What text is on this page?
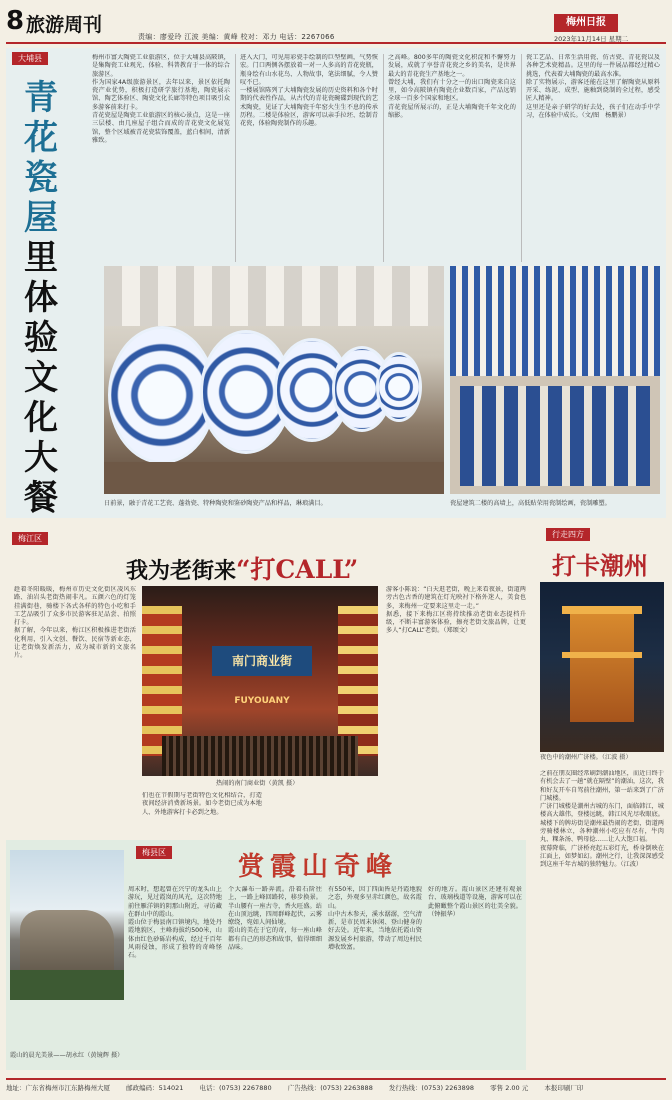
8 旅游周刊
责编：廖爱玲 江波 美编：黄峰 校对：邓力 电话：2267066
梅州日报
2023年11月14日 星期二
大埔县
青花瓷屋里体验文化大餐
梅州市富大陶瓷工业旅游区，位于大埔县高陂镇，是集陶瓷工业观光、体验、科普教育于一体的综合旅游区。
作为国家4A级旅游景区，去年以来，景区依托陶瓷产业优势，积极打造研学旅行基地，陶瓷展示馆、陶艺体验区、陶瓷文化长廊等特色项目吸引众多游客前来打卡。
青花瓷屋是陶瓷工业旅游区的核心景点，这是一座三层楼、由几座屋子组合而成的青花瓷文化展览馆，整个区域被青花瓷装饰覆盖，蓝白相间，清新雅致。
进入大门，可见用彩瓷手绘制的巨型壁画，气势恢宏。门口两侧各摆放着一对一人多高的青花瓷瓶，瓶身绘有山水花鸟、人物故事，笔法细腻，令人赞叹不已。
一楼展馆陈列了大埔陶瓷发展的历史资料和各个时期的代表性作品，从古代的青花瓷碗碟到现代的艺术陶瓷，见证了大埔陶瓷千年窑火生生不息的传承历程。二楼是体验区，游客可以亲手拉坯、绘制青花瓷，体验陶瓷制作的乐趣。
之高峰。800多年的陶瓷文化积淀和不懈努力发展，成就了享誉青花瓷之乡的美名，是世界最大的青花瓷生产基地之一。
曾经大埔，我们有十分之一的出口陶瓷来自这里，如今高陂镇有陶瓷企业数百家，产品远销全球一百多个国家和地区。
青花瓷屋所展示的，正是大埔陶瓷千年文化的缩影。
瓷工艺品、日常生活用瓷、仿古瓷、青花瓷以及各种艺术瓷精品。这里的每一件展品都经过精心挑选，代表着大埔陶瓷的最高水准。
除了实物展示，游客还能在这里了解陶瓷从原料开采、练泥、成型、施釉到烧制的全过程，感受匠人精神。
这里还是亲子研学的好去处，孩子们在动手中学习，在体验中成长。（文/图   杨鹏景）
日前景，融于青花工艺瓷、蓬勃瓷、特种陶瓷和鉴砂陶瓷产品和样品，琳琅满目。	瓷屋建筑二楼的高墙上，高低贴荣用瓷制绘画，瓷制雕塑。
梅江区
我为老街来“打CALL”
趁着冬阳暖暖，梅州市历史文化街区凌风东路、油岩头老街热闹非凡。五颜六色的灯笼挂满街巷，骑楼下各式各样的特色小吃和手工艺品吸引了众多市民游客驻足品尝、拍照打卡。
据了解，今年以来，梅江区积极推进老街活化利用，引入文创、餐饮、民宿等新业态，让老街焕发新活力，成为城市新的文旅名片。	南门商业街
FUYOUANY
热闹的南门商业街（黄凯 摄）
们也在节假期与老街特色文化相结合，打造夜间经济消费新场景。如今老街已成为本地人、外地游客打卡必到之地。
游客小陈说：“白天逛老街，晚上来看夜景，街道两旁古色古香的建筑在灯光映衬下格外迷人，美食也多，来梅州一定要来这里走一走。”
据悉，接下来梅江区将持续推动老街业态提档升级，不断丰富游客体验，擦亮老街文旅品牌，让更多人“打CALL”老街。（郑颂文）
行走四方
打卡潮州
夜色中的潮州广济楼。（江波 摄）
之前在朋友圈经常刷到潮汕地区，而近日终于有机会去了一趟“就在隔壁”的潮汕，这次，我和好友开车自驾前往潮州，第一站来到了广济门城楼。
广济门城楼是潮州古城的东门，面临韩江，城楼高大雄伟，登楼远眺，韩江风光尽收眼底。城楼下的牌坊街是潮州最热闹的老街，街道两旁骑楼林立，各种潮州小吃应有尽有，牛肉丸、粿条汤、鸭母捻……让人大饱口福。
夜幕降临，广济桥亮起五彩灯光，桥身倒映在江面上，如梦如幻。潮州之行，让我深深感受到这座千年古城的独特魅力。（江波）
梅县区	赏霞山奇峰
霞山的晨光美景——胡永红（黄镜辉 摄）
周末时，想起曾在兴宁的龙头山上游玩，见过霞岚的风光，这次特地前往雁洋镇的阴那山附近，寻访藏在群山中的霞山。
霞山位于梅县南口镇境内，地处丹霞地貌区，主峰海拔约500米，山体由红色砂砾岩构成，经过千百年风雨侵蚀，形成了独特的奇峰怪石。
个大瀑布一路奔流。沿着石阶往上，一路上峰回路转，移步换景。半山腰有一座古寺，香火旺盛。站在山顶远眺，四周群峰起伏，云雾缭绕，宛如人间仙境。
霞山的美在于它的奇，每一座山峰都有自己的形态和故事，值得细细品味。
有550米，因丁四面皆是丹霞地貌之态，外观多呈赤红颜色，故名霞山。
山中古木参天，溪水潺潺，空气清新，是市民周末休闲、登山健身的好去处。近年来，当地依托霞山资源发展乡村旅游，带动了周边村民增收致富。
好的地方。霞山景区还建有观景台、玻璃栈道等设施，游客可以在此俯瞰整个霞山景区的壮美全貌。（钟振华）
地址：广东省梅州市江东路梅州大厦 邮政编码：514021 电话：(0753) 2267880 广告热线：(0753) 2263888 发行热线：(0753) 2263898 零售 2.00 元 本报印刷厂印
